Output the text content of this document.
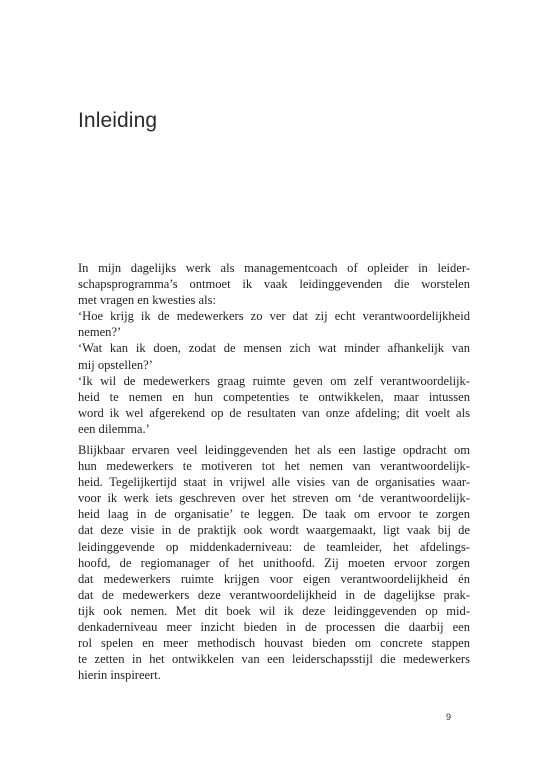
Inleiding
In mijn dagelijks werk als managementcoach of opleider in leider-
schapsprogramma’s ontmoet ik vaak leidinggevenden die worstelen
met vragen en kwesties als:
‘Hoe krijg ik de medewerkers zo ver dat zij echt verantwoordelijkheid
nemen?’
‘Wat kan ik doen, zodat de mensen zich wat minder afhankelijk van
mij opstellen?’
‘Ik wil de medewerkers graag ruimte geven om zelf verantwoordelijk-
heid te nemen en hun competenties te ontwikkelen, maar intussen
word ik wel afgerekend op de resultaten van onze afdeling; dit voelt als
een dilemma.’
Blijkbaar ervaren veel leidinggevenden het als een lastige opdracht om
hun medewerkers te motiveren tot het nemen van verantwoordelijk-
heid. Tegelijkertijd staat in vrijwel alle visies van de organisaties waar-
voor ik werk iets geschreven over het streven om ‘de verantwoordelijk-
heid laag in de organisatie’ te leggen. De taak om ervoor te zorgen
dat deze visie in de praktijk ook wordt waargemaakt, ligt vaak bij de
leidinggevende op middenkaderniveau: de teamleider, het afdelings-
hoofd, de regiomanager of het unithoofd. Zij moeten ervoor zorgen
dat medewerkers ruimte krijgen voor eigen verantwoordelijkheid én
dat de medewerkers deze verantwoordelijkheid in de dagelijkse prak-
tijk ook nemen. Met dit boek wil ik deze leidinggevenden op mid-
denkaderniveau meer inzicht bieden in de processen die daarbij een
rol spelen en meer methodisch houvast bieden om concrete stappen
te zetten in het ontwikkelen van een leiderschapsstijl die medewerkers
hierin inspireert.
9
